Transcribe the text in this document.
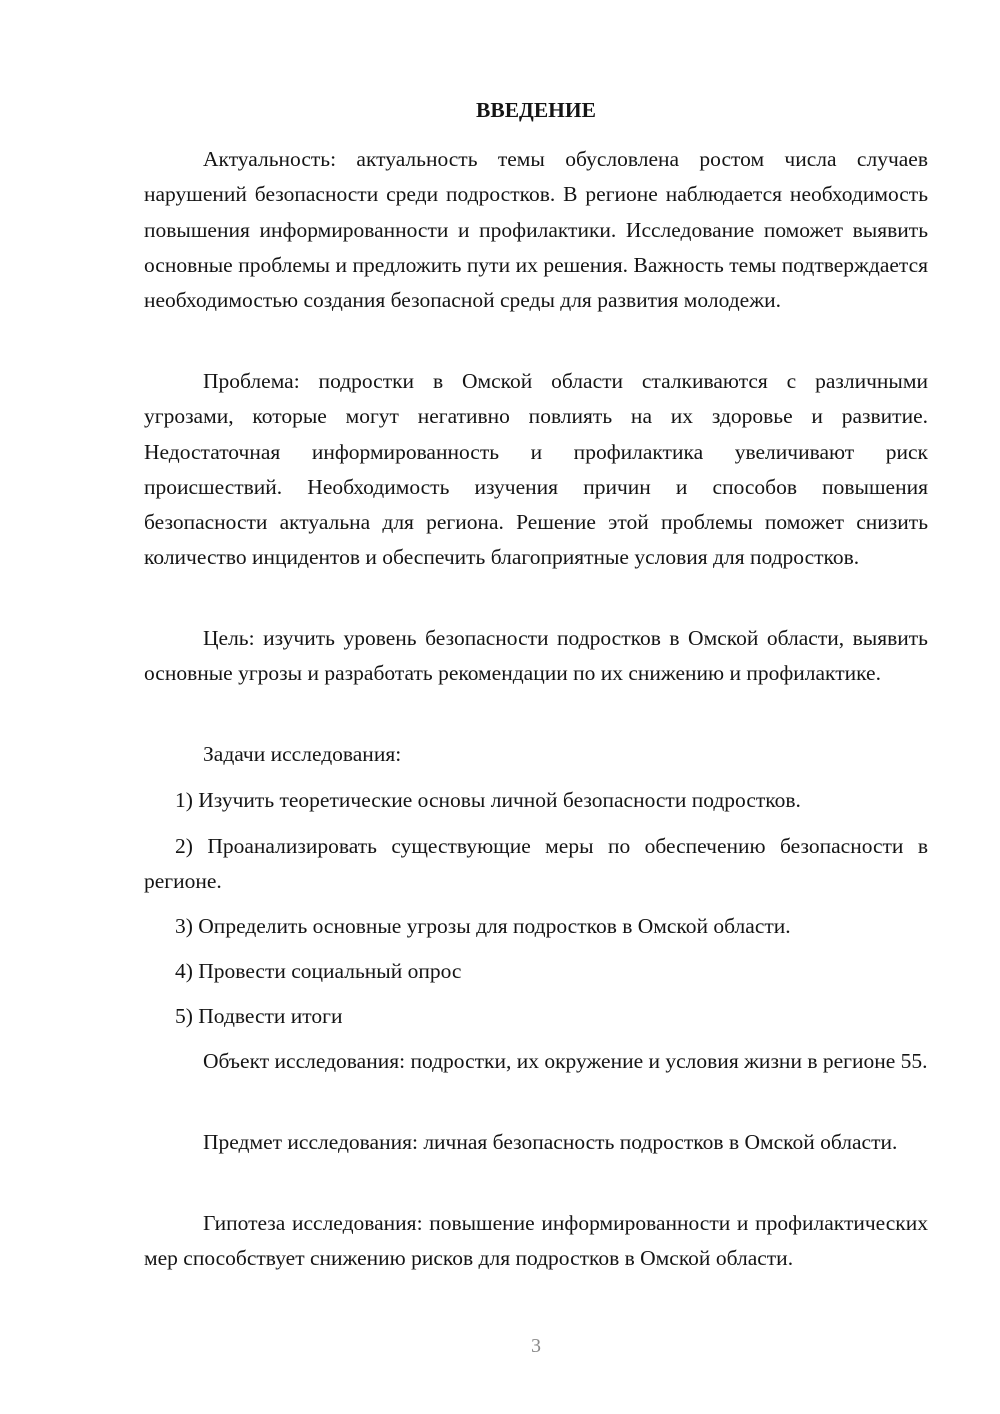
ВВЕДЕНИЕ

Актуальность: актуальность темы обусловлена ростом числа случаев нарушений безопасности среди подростков. В регионе наблюдается необходимость повышения информированности и профилактики. Исследование поможет выявить основные проблемы и предложить пути их решения. Важность темы подтверждается необходимостью создания безопасной среды для развития молодежи.

Проблема: подростки в Омской области сталкиваются с различными угрозами, которые могут негативно повлиять на их здоровье и развитие. Недостаточная информированность и профилактика увеличивают риск происшествий. Необходимость изучения причин и способов повышения безопасности актуальна для региона. Решение этой проблемы поможет снизить количество инцидентов и обеспечить благоприятные условия для подростков.

Цель: изучить уровень безопасности подростков в Омской области, выявить основные угрозы и разработать рекомендации по их снижению и профилактике.

Задачи исследования:

1) Изучить теоретические основы личной безопасности подростков.

2) Проанализировать существующие меры по обеспечению безопасности в регионе.

3) Определить основные угрозы для подростков в Омской области.

4) Провести социальный опрос

5) Подвести итоги

Объект исследования: подростки, их окружение и условия жизни в регионе 55.

Предмет исследования: личная безопасность подростков в Омской области.

Гипотеза исследования: повышение информированности и профилактических мер способствует снижению рисков для подростков в Омской области.

3
